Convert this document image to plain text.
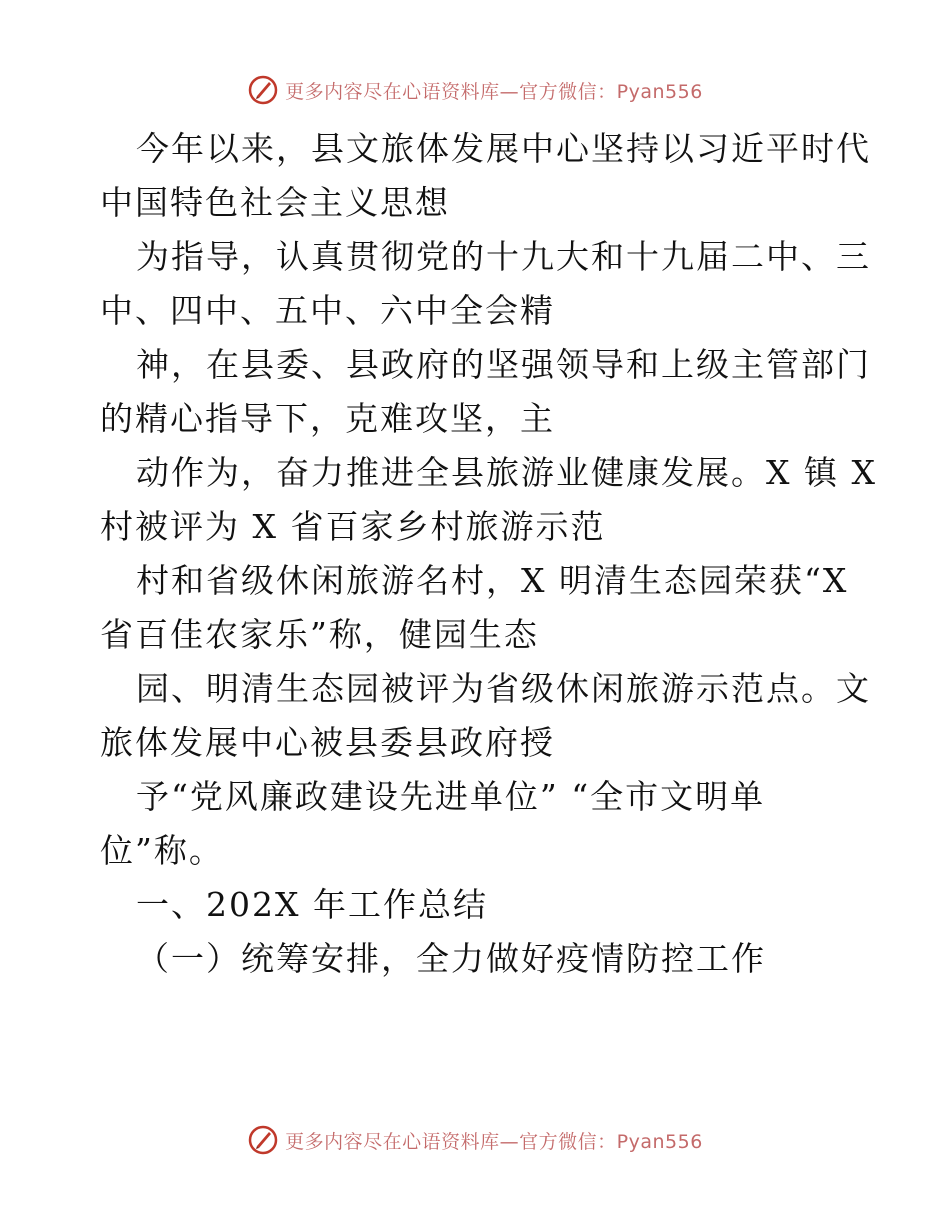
更多内容尽在心语资料库—官方微信：Pyan556
今年以来，县文旅体发展中心坚持以习近平时代
中国特色社会主义思想
为指导，认真贯彻党的十九大和十九届二中、三
中、四中、五中、六中全会精
神，在县委、县政府的坚强领导和上级主管部门
的精心指导下，克难攻坚，主
动作为，奋力推进全县旅游业健康发展。X 镇 X
村被评为 X 省百家乡村旅游示范
村和省级休闲旅游名村，X 明清生态园荣获“X
省百佳农家乐”称，健园生态
园、明清生态园被评为省级休闲旅游示范点。文
旅体发展中心被县委县政府授
予“党风廉政建设先进单位” “全市文明单
位”称。
一、202X 年工作总结
（一）统筹安排，全力做好疫情防控工作
更多内容尽在心语资料库—官方微信：Pyan556
